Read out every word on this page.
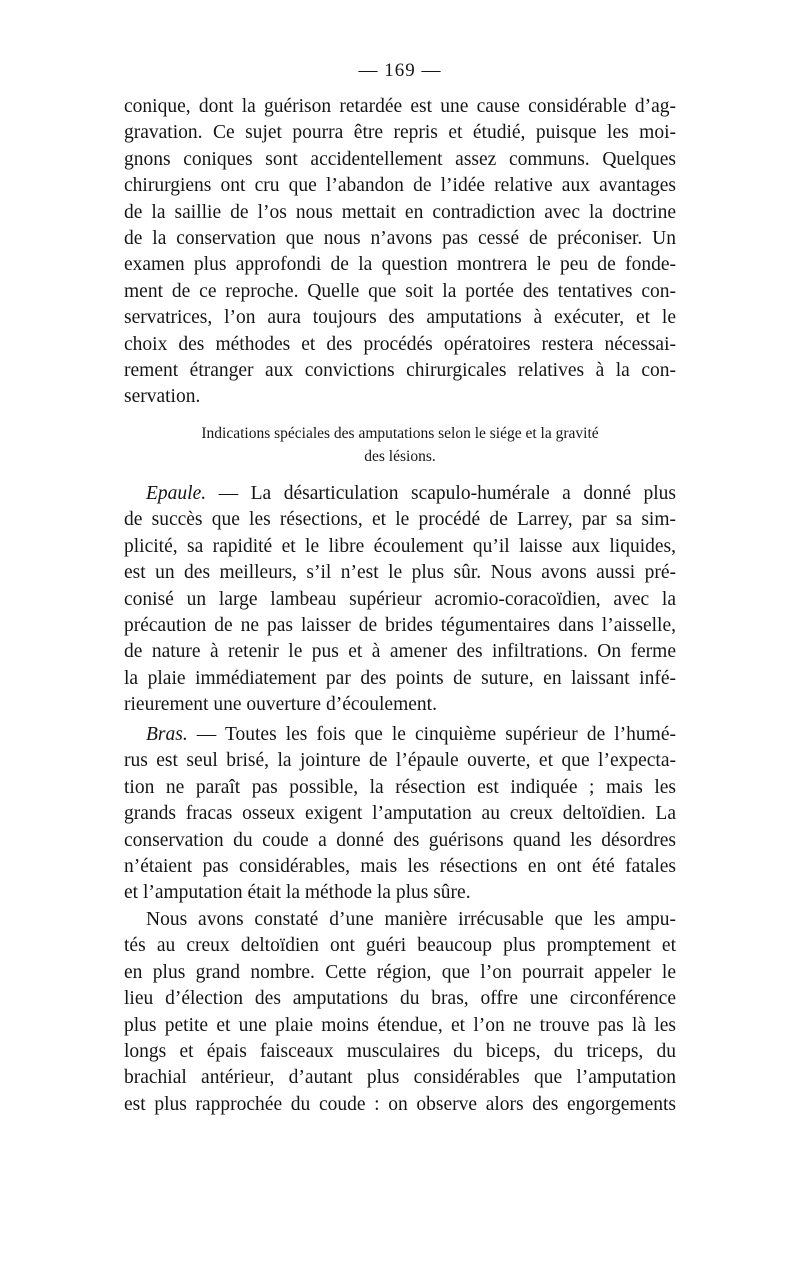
— 169 —
conique, dont la guérison retardée est une cause considérable d’ag-
gravation. Ce sujet pourra être repris et étudié, puisque les moi-
gnons coniques sont accidentellement assez communs. Quelques
chirurgiens ont cru que l’abandon de l’idée relative aux avantages
de la saillie de l’os nous mettait en contradiction avec la doctrine
de la conservation que nous n’avons pas cessé de préconiser. Un
examen plus approfondi de la question montrera le peu de fonde-
ment de ce reproche. Quelle que soit la portée des tentatives con-
servatrices, l’on aura toujours des amputations à exécuter, et le
choix des méthodes et des procédés opératoires restera nécessai-
rement étranger aux convictions chirurgicales relatives à la con-
servation.
Indications spéciales des amputations selon le siége et la gravité
des lésions.
Epaule. — La désarticulation scapulo-humérale a donné plus
de succès que les résections, et le procédé de Larrey, par sa sim-
plicité, sa rapidité et le libre écoulement qu’il laisse aux liquides,
est un des meilleurs, s’il n’est le plus sûr. Nous avons aussi pré-
conisé un large lambeau supérieur acromio-coracoïdien, avec la
précaution de ne pas laisser de brides tégumentaires dans l’aisselle,
de nature à retenir le pus et à amener des infiltrations. On ferme
la plaie immédiatement par des points de suture, en laissant infé-
rieurement une ouverture d’écoulement.
Bras. — Toutes les fois que le cinquième supérieur de l’humé-
rus est seul brisé, la jointure de l’épaule ouverte, et que l’expecta-
tion ne paraît pas possible, la résection est indiquée ; mais les
grands fracas osseux exigent l’amputation au creux deltoïdien. La
conservation du coude a donné des guérisons quand les désordres
n’étaient pas considérables, mais les résections en ont été fatales
et l’amputation était la méthode la plus sûre.
Nous avons constaté d’une manière irrécusable que les ampu-
tés au creux deltoïdien ont guéri beaucoup plus promptement et
en plus grand nombre. Cette région, que l’on pourrait appeler le
lieu d’élection des amputations du bras, offre une circonférence
plus petite et une plaie moins étendue, et l’on ne trouve pas là les
longs et épais faisceaux musculaires du biceps, du triceps, du
brachial antérieur, d’autant plus considérables que l’amputation
est plus rapprochée du coude : on observe alors des engorgements
